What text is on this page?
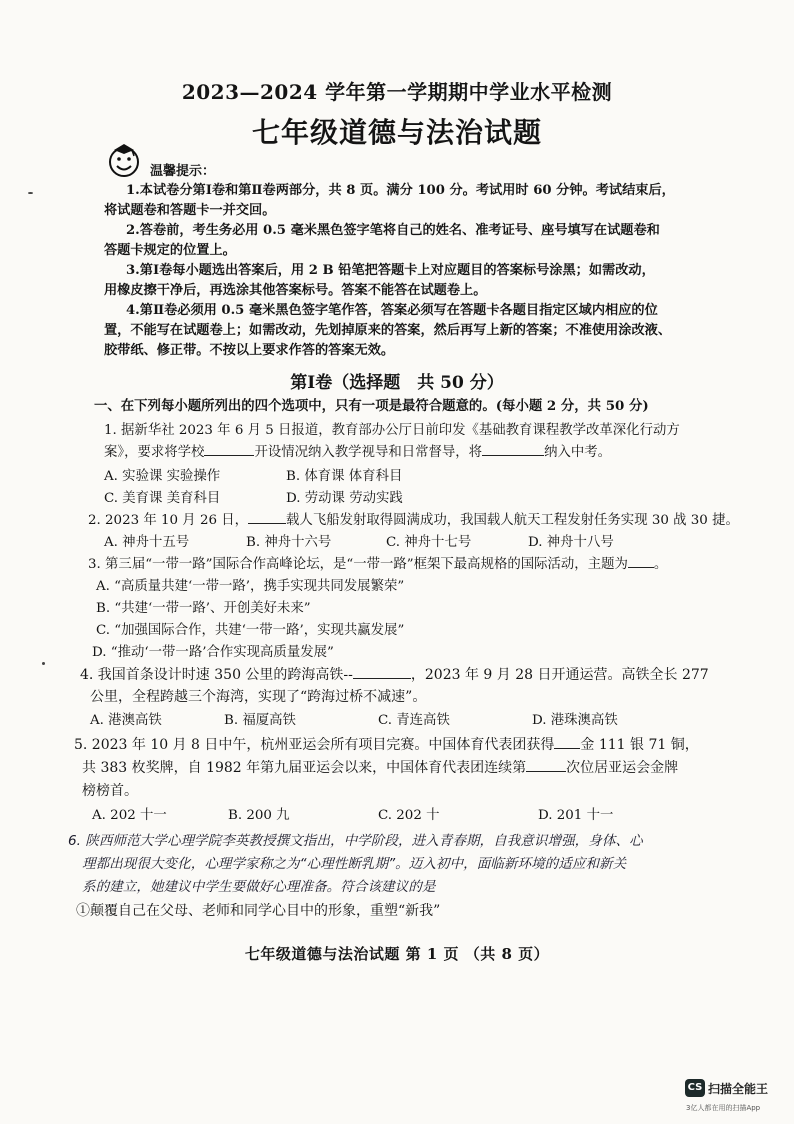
2023—2024 学年第一学期期中学业水平检测
七年级道德与法治试题
温馨提示：
1.本试卷分第Ⅰ卷和第Ⅱ卷两部分，共 8 页。满分 100 分。考试用时 60 分钟。考试结束后，
将试题卷和答题卡一并交回。
2.答卷前，考生务必用 0.5 毫米黑色签字笔将自己的姓名、准考证号、座号填写在试题卷和
答题卡规定的位置上。
3.第Ⅰ卷每小题选出答案后，用 2 B 铅笔把答题卡上对应题目的答案标号涂黑；如需改动，
用橡皮擦干净后，再选涂其他答案标号。答案不能答在试题卷上。
4.第Ⅱ卷必须用 0.5 毫米黑色签字笔作答，答案必须写在答题卡各题目指定区域内相应的位
置，不能写在试题卷上；如需改动，先划掉原来的答案，然后再写上新的答案；不准使用涂改液、
第Ⅰ卷（选择题　共 50 分）
一、在下列每小题所列出的四个选项中，只有一项是最符合题意的。(每小题 2 分，共 50 分)
1. 据新华社 2023 年 6 月 5 日报道，教育部办公厅日前印发《基础教育课程教学改革深化行动方
案》，要求将学校	开设情况纳入教学视导和日常督导，将	纳入中考。
A. 实验课 实验操作	B. 体育课 体育科目
C. 美育课 美育科目	D. 劳动课 劳动实践
2. 2023 年 10 月 26 日，	载人飞船发射取得圆满成功，我国载人航天工程发射任务实现 30 战 30 捷。
A. 神舟十五号	B. 神舟十六号	C. 神舟十七号	D. 神舟十八号
3. 第三届“一带一路”国际合作高峰论坛，是“一带一路”框架下最高规格的国际活动，主题为 。
A. “高质量共建‘一带一路’，携手实现共同发展繁荣”
B. “共建‘一带一路’、开创美好未来”
C. “加强国际合作，共建‘一带一路’，实现共赢发展”
D. “推动‘一带一路’合作实现高质量发展”
4. 我国首条设计时速 350 公里的跨海高铁--	，2023 年 9 月 28 日开通运营。高铁全长 277
公里，全程跨越三个海湾，实现了“跨海过桥不减速”。
A. 港澳高铁	B. 福厦高铁	C. 青连高铁	D. 港珠澳高铁
5. 2023 年 10 月 8 日中午，杭州亚运会所有项目完赛。中国体育代表团获得 金 111 银 71 铜，
共 383 枚奖牌，自 1982 年第九届亚运会以来，中国体育代表团连续第	次位居亚运会金牌
榜榜首。
A. 202 十一	B. 200 九	C. 202 十	D. 201 十一
6. 陕西师范大学心理学院李英教授撰文指出，中学阶段，进入青春期，自我意识增强，身体、心
理都出现很大变化，心理学家称之为“心理性断乳期”。迈入初中，面临新环境的适应和新关
系的建立，她建议中学生要做好心理准备。符合该建议的是
①颠覆自己在父母、老师和同学心目中的形象，重塑“新我”
七年级道德与法治试题 第 1 页 （共 8 页）
CS 扫描全能王
3亿人都在用的扫描App
胶带纸、修正带。不按以上要求作答的答案无效。
